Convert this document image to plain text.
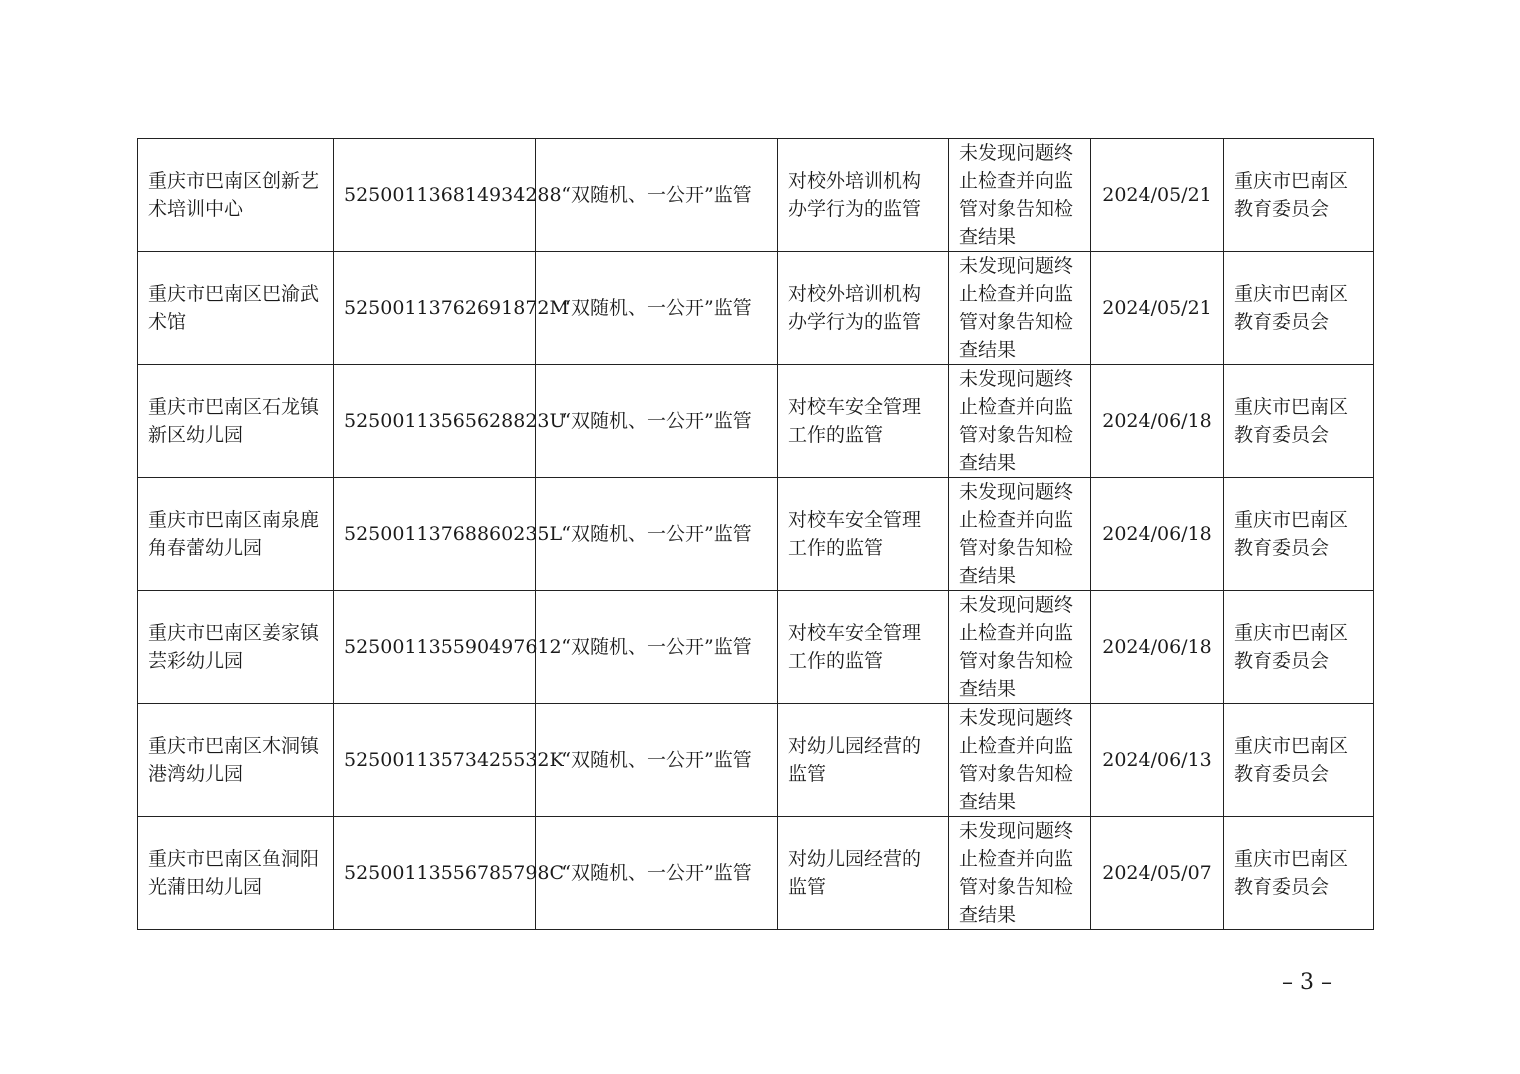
重庆市巴南区创新艺术培训中心	525001136814934288	“双随机、一公开”监管	对校外培训机构办学行为的监管	未发现问题终止检查并向监管对象告知检查结果	2024/05/21	重庆市巴南区教育委员会
重庆市巴南区巴渝武术馆	52500113762691872M	“双随机、一公开”监管	对校外培训机构办学行为的监管	未发现问题终止检查并向监管对象告知检查结果	2024/05/21	重庆市巴南区教育委员会
重庆市巴南区石龙镇新区幼儿园	52500113565628823U	“双随机、一公开”监管	对校车安全管理工作的监管	未发现问题终止检查并向监管对象告知检查结果	2024/06/18	重庆市巴南区教育委员会
重庆市巴南区南泉鹿角春蕾幼儿园	52500113768860235L	“双随机、一公开”监管	对校车安全管理工作的监管	未发现问题终止检查并向监管对象告知检查结果	2024/06/18	重庆市巴南区教育委员会
重庆市巴南区姜家镇芸彩幼儿园	525001135590497612	“双随机、一公开”监管	对校车安全管理工作的监管	未发现问题终止检查并向监管对象告知检查结果	2024/06/18	重庆市巴南区教育委员会
重庆市巴南区木洞镇港湾幼儿园	52500113573425532K	“双随机、一公开”监管	对幼儿园经营的监管	未发现问题终止检查并向监管对象告知检查结果	2024/06/13	重庆市巴南区教育委员会
重庆市巴南区鱼洞阳光蒲田幼儿园	52500113556785798C	“双随机、一公开”监管	对幼儿园经营的监管	未发现问题终止检查并向监管对象告知检查结果	2024/05/07	重庆市巴南区教育委员会
– 3 –
